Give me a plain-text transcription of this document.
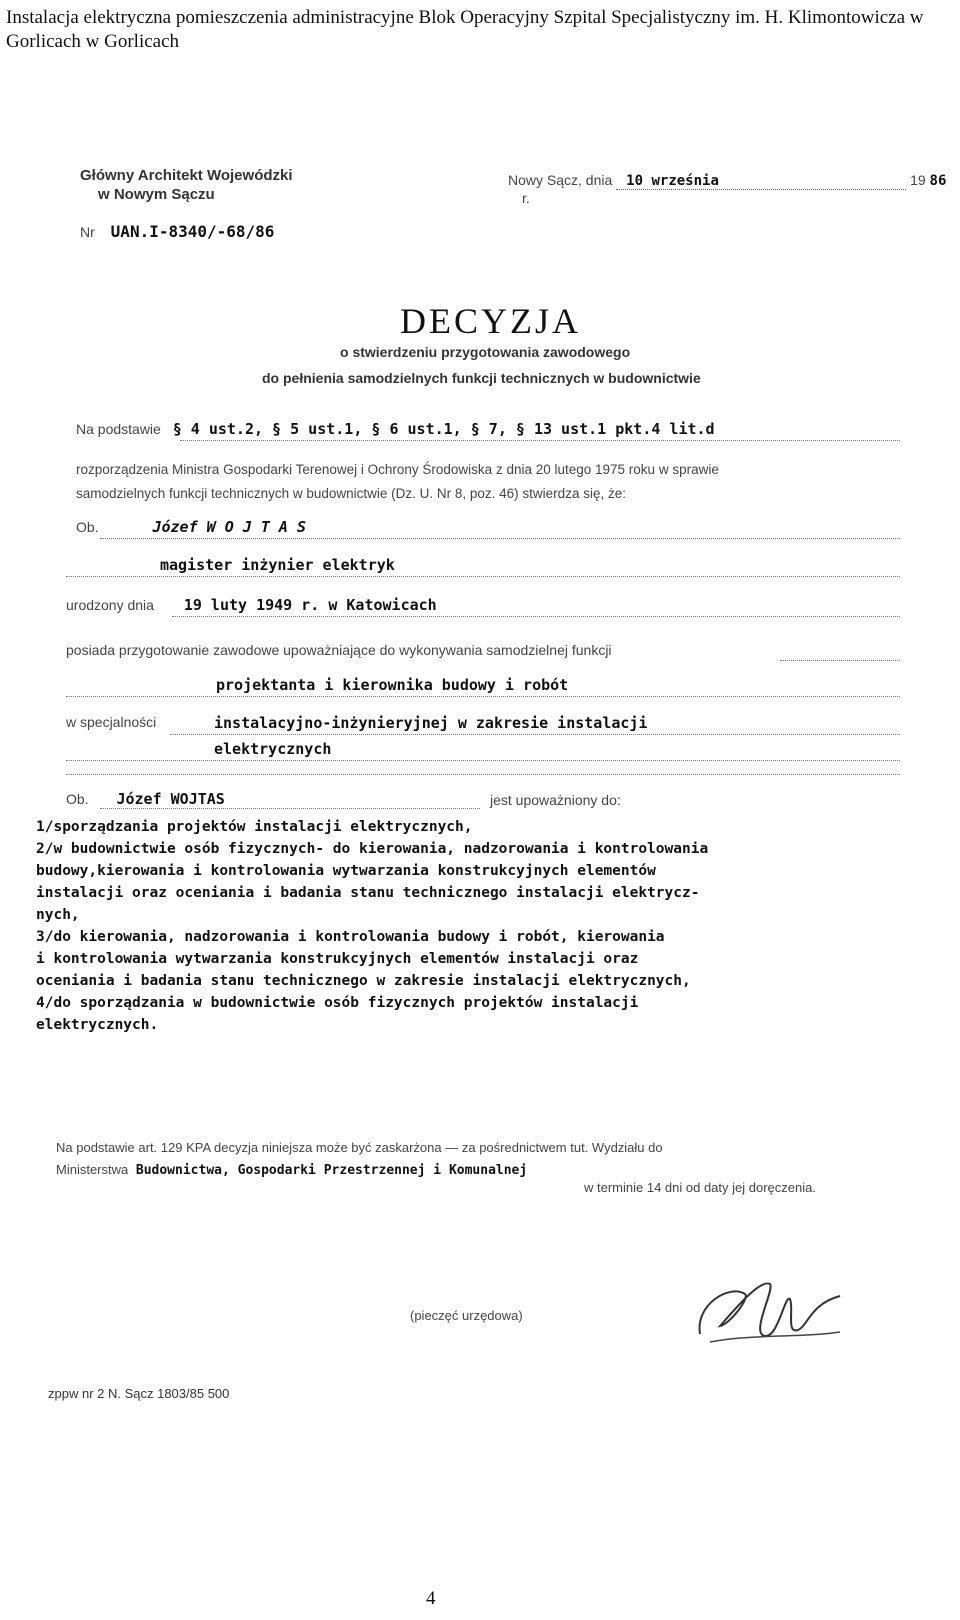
Instalacja elektryczna pomieszczenia administracyjne Blok Operacyjny Szpital Specjalistyczny im. H. Klimontowicza w Gorlicach w Gorlicach
Główny Architekt Wojewódzki
w Nowym Sączu
Nowy Sącz, dnia 10 września	19 86 r.
Nr UAN.I-8340/-68/86
DECYZJA
o stwierdzeniu przygotowania zawodowego
do pełnienia samodzielnych funkcji technicznych w budownictwie
Na podstawie § 4 ust.2, § 5 ust.1, § 6 ust.1, § 7, § 13 ust.1 pkt.4 lit.d
rozporządzenia Ministra Gospodarki Terenowej i Ochrony Środowiska z dnia 20 lutego 1975 roku w sprawie
samodzielnych funkcji technicznych w budownictwie (Dz. U. Nr 8, poz. 46) stwierdza się, że:
Ob.	Józef W O J T A S
magister inżynier elektryk
urodzony dnia 19 luty 1949 r. w Katowicach
posiada przygotowanie zawodowe upoważniające do wykonywania samodzielnej funkcji
projektanta i kierownika budowy i robót
w specjalności	instalacyjno-inżynieryjnej w zakresie instalacji
elektrycznych
Ob. Józef WOJTAS	jest upoważniony do:
1/sporządzania projektów instalacji elektrycznych,
2/w budownictwie osób fizycznych- do kierowania, nadzorowania i kontrolowania
budowy,kierowania i kontrolowania wytwarzania konstrukcyjnych elementów
instalacji oraz oceniania i badania stanu technicznego instalacji elektrycz-
nych,
3/do kierowania, nadzorowania i kontrolowania budowy i robót, kierowania
i kontrolowania wytwarzania konstrukcyjnych elementów instalacji oraz
oceniania i badania stanu technicznego w zakresie instalacji elektrycznych,
4/do sporządzania w budownictwie osób fizycznych projektów instalacji
elektrycznych.
Na podstawie art. 129 KPA decyzja niniejsza może być zaskarżona — za pośrednictwem tut. Wydziału do
Ministerstwa Budownictwa, Gospodarki Przestrzennej i Komunalnej
w terminie 14 dni od daty jej doręczenia.
(pieczęć urzędowa)
zppw nr 2 N. Sącz 1803/85 500
4
